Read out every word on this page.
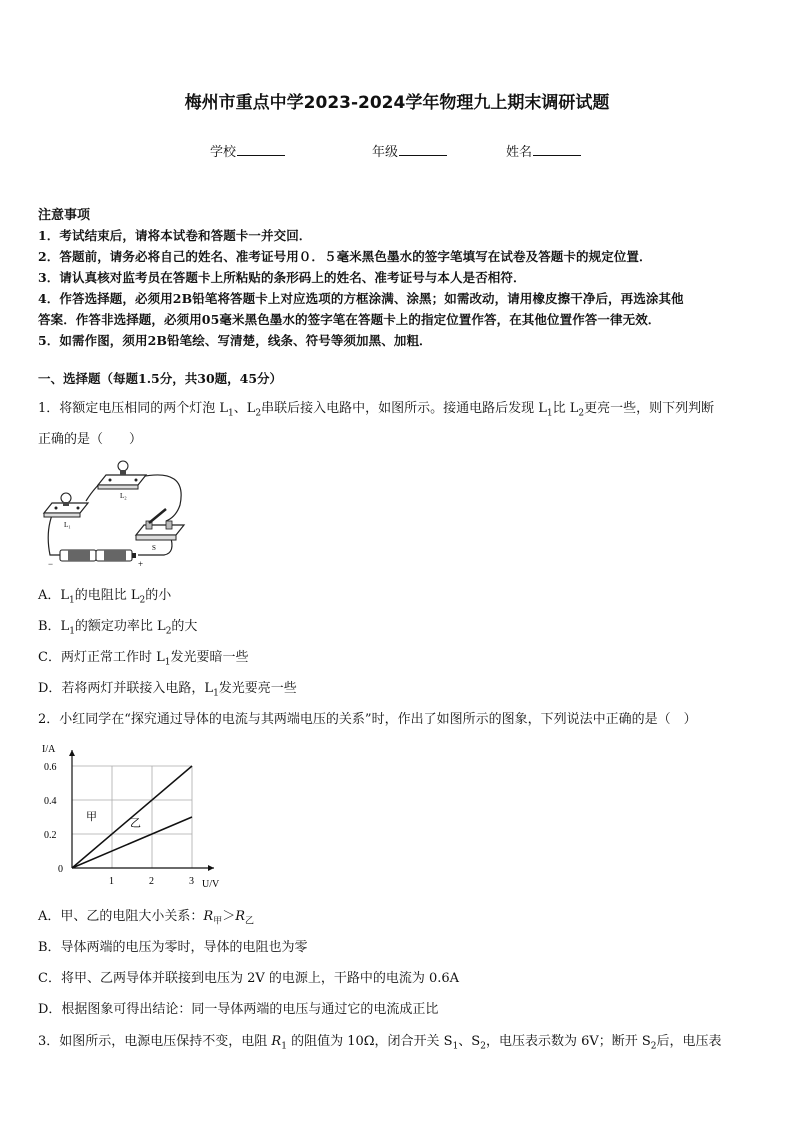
梅州市重点中学2023-2024学年物理九上期末调研试题
学校	年级	姓名
注意事项
1．考试结束后，请将本试卷和答题卡一并交回．
2．答题前，请务必将自己的姓名、准考证号用０．５毫米黑色墨水的签字笔填写在试卷及答题卡的规定位置．
3．请认真核对监考员在答题卡上所粘贴的条形码上的姓名、准考证号与本人是否相符．
4．作答选择题，必须用2B铅笔将答题卡上对应选项的方框涂满、涂黑；如需改动，请用橡皮擦干净后，再选涂其他
答案．作答非选择题，必须用05毫米黑色墨水的签字笔在答题卡上的指定位置作答，在其他位置作答一律无效．
5．如需作图，须用2B铅笔绘、写清楚，线条、符号等须加黑、加粗．
一、选择题（每题1.5分，共30题，45分）
1．将额定电压相同的两个灯泡 $L_1$、$L_2$串联后接入电路中，如图所示。接通电路后发现 $L_1$比 $L_2$更亮一些，则下列判断
正确的是（　　）
L₁
L₂
S
−	+
A．$L_1$的电阻比 $L_2$的小
B．$L_1$的额定功率比 $L_2$的大
C．两灯正常工作时 $L_1$发光要暗一些
D．若将两灯并联接入电路，$L_1$发光要亮一些
2．小红同学在“探究通过导体的电流与其两端电压的关系”时，作出了如图所示的图象，下列说法中正确的是（　）
1	2	3
0.2
0.4
0.6
0
U/V
I/A
甲
乙
A．甲、乙的电阻大小关系：$R_甲>R_乙$
B．导体两端的电压为零时，导体的电阻也为零
C．将甲、乙两导体并联接到电压为 2V 的电源上，干路中的电流为 0.6A
D．根据图象可得出结论：同一导体两端的电压与通过它的电流成正比
3．如图所示，电源电压保持不变，电阻 $R_1$ 的阻值为 10Ω，闭合开关 $S_1$、$S_2$，电压表示数为 6V；断开 $S_2$后，电压表
